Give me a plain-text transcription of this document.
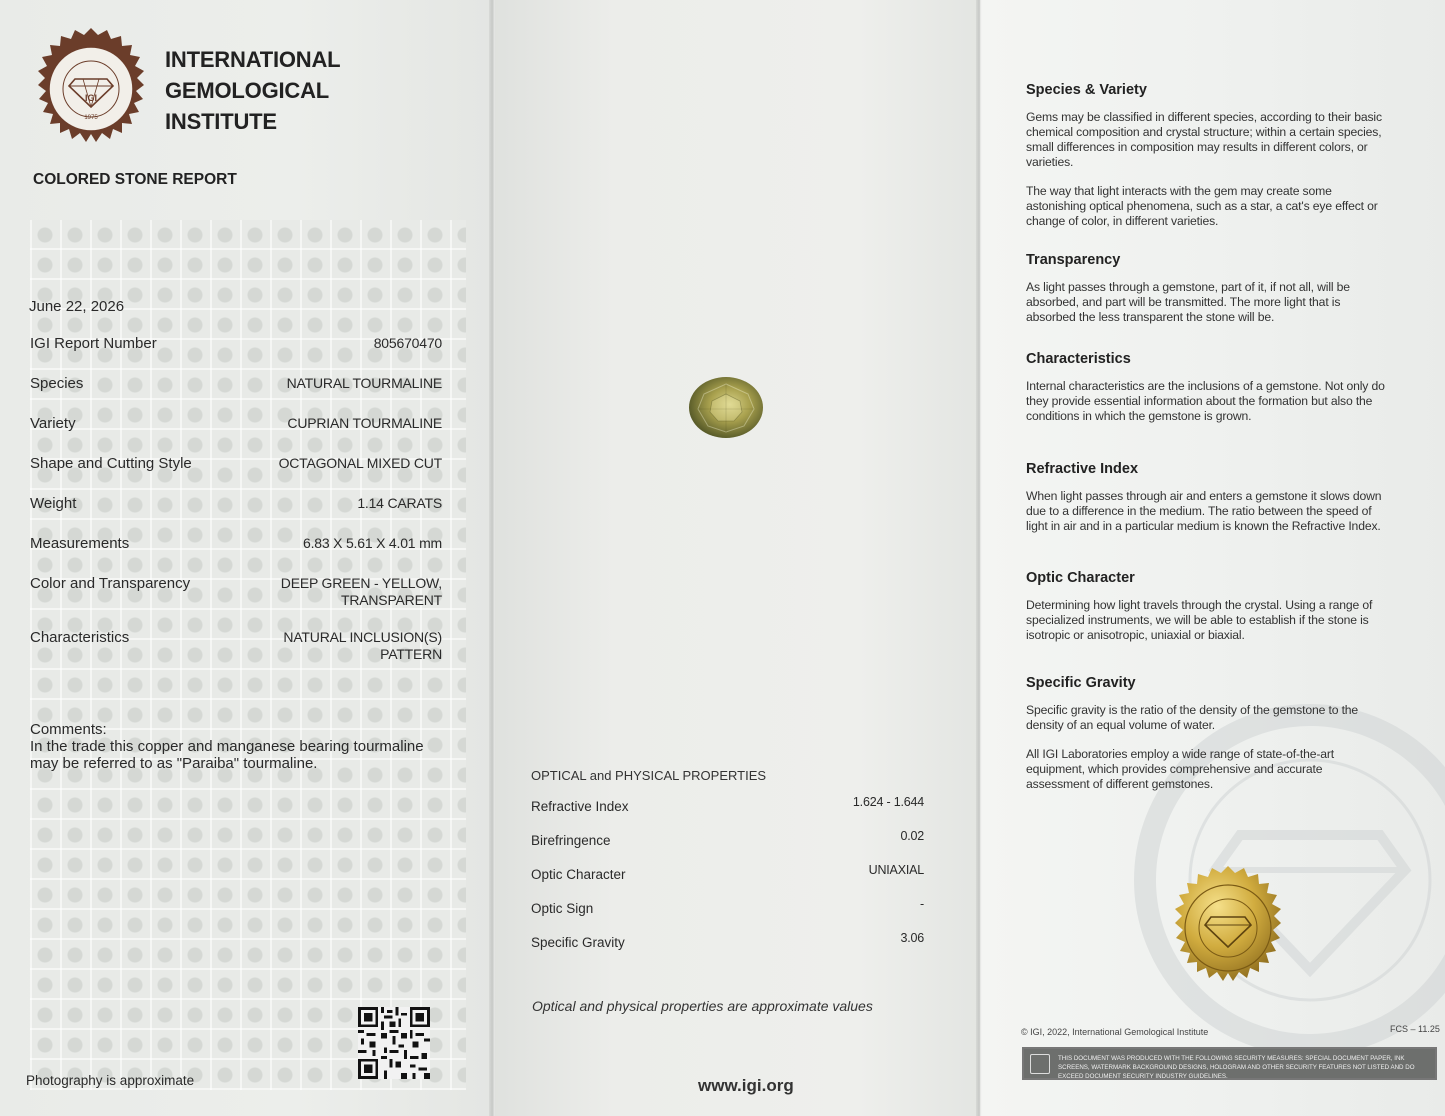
1975
IGI
INTERNATIONAL
GEMOLOGICAL
INSTITUTE
COLORED STONE REPORT
June 22, 2026
IGI Report Number	805670470
Species	NATURAL TOURMALINE
Variety	CUPRIAN TOURMALINE
Shape and Cutting Style	OCTAGONAL MIXED CUT
Weight	1.14 CARATS
Measurements	6.83 X 5.61 X 4.01 mm
Color and Transparency	DEEP GREEN - YELLOW,
TRANSPARENT
Characteristics	NATURAL INCLUSION(S)
PATTERN
Comments:
In the trade this copper and manganese bearing tourmaline may be referred to as "Paraiba" tourmaline.
Photography is approximate
OPTICAL and PHYSICAL PROPERTIES
Refractive Index	1.624 - 1.644
Birefringence	0.02
Optic Character	UNIAXIAL
Optic Sign	-
Specific Gravity	3.06
Optical and physical properties are approximate values
www.igi.org
Species & Variety

Gems may be classified in different species, according to their basic chemical composition and crystal structure; within a certain species, small differences in composition may results in different colors, or varieties.

The way that light interacts with the gem may create some astonishing optical phenomena, such as a star, a cat's eye effect or change of color, in different varieties.

Transparency

As light passes through a gemstone, part of it, if not all, will be absorbed, and part will be transmitted. The more light that is absorbed the less transparent the stone will be.

Characteristics

Internal characteristics are the inclusions of a gemstone. Not only do they provide essential information about the formation but also the conditions in which the gemstone is grown.

Refractive Index

When light passes through air and enters a gemstone it slows down due to a difference in the medium. The ratio between the speed of light in air and in a particular medium is known the Refractive Index.

Optic Character

Determining how light travels through the crystal. Using a range of specialized instruments, we will be able to establish if the stone is isotropic or anisotropic, uniaxial or biaxial.

Specific Gravity

Specific gravity is the ratio of the density of the gemstone to the density of an equal volume of water.

All IGI Laboratories employ a wide range of state-of-the-art equipment, which provides comprehensive and accurate assessment of different gemstones.

© IGI, 2022, International Gemological Institute	FCS – 11.25
THIS DOCUMENT WAS PRODUCED WITH THE FOLLOWING SECURITY MEASURES: SPECIAL DOCUMENT PAPER, INK SCREENS, WATERMARK BACKGROUND DESIGNS, HOLOGRAM AND OTHER SECURITY FEATURES NOT LISTED AND DO EXCEED DOCUMENT SECURITY INDUSTRY GUIDELINES.
